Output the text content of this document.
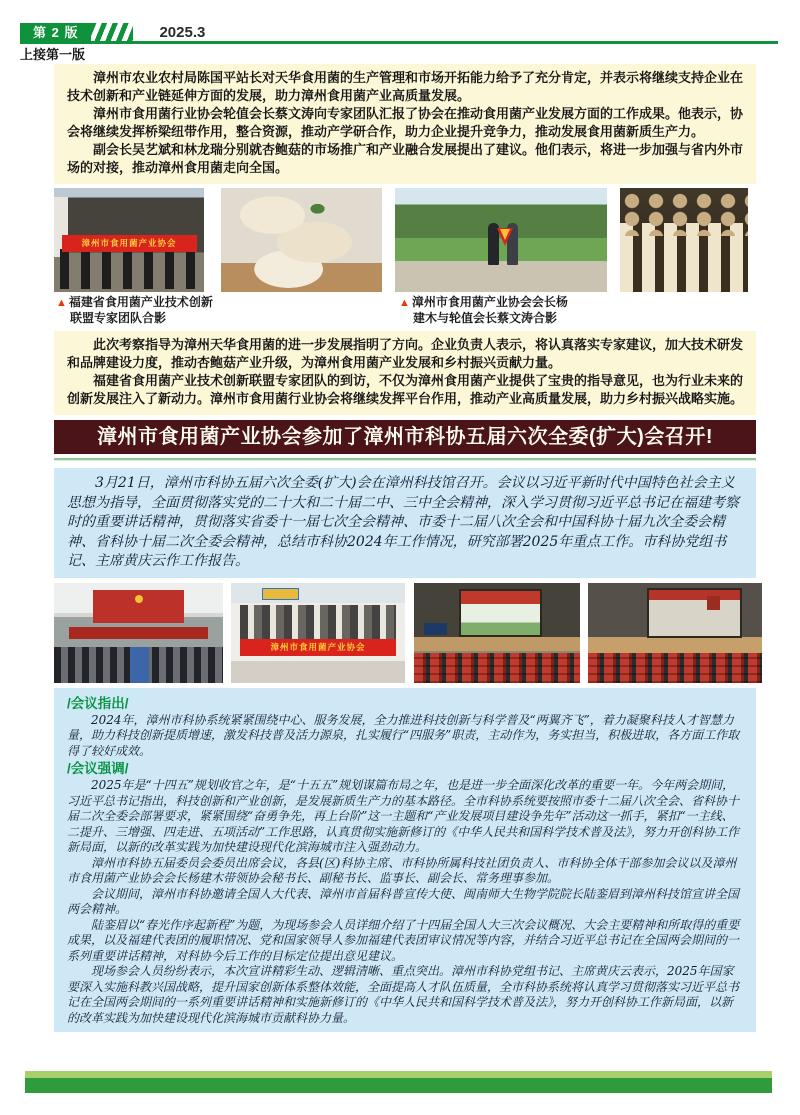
第 2 版	2025.3
上接第一版

漳州市农业农村局陈国平站长对天华食用菌的生产管理和市场开拓能力给予了充分肯定，并表示将继续支持企业在技术创新和产业链延伸方面的发展，助力漳州食用菌产业高质量发展。

漳州市食用菌行业协会轮值会长蔡文涛向专家团队汇报了协会在推动食用菌产业发展方面的工作成果。他表示，协会将继续发挥桥梁纽带作用，整合资源，推动产学研合作，助力企业提升竞争力，推动发展食用菌新质生产力。

副会长吴艺斌和林龙瑞分别就杏鲍菇的市场推广和产业融合发展提出了建议。他们表示，将进一步加强与省内外市场的对接，推动漳州食用菌走向全国。

漳州市食用菌产业协会
▲ 福建省食用菌产业技术创新
联盟专家团队合影
▲ 漳州市食用菌产业协会会长杨
建木与轮值会长蔡文涛合影

此次考察指导为漳州天华食用菌的进一步发展指明了方向。企业负责人表示，将认真落实专家建议，加大技术研发和品牌建设力度，推动杏鲍菇产业升级，为漳州食用菌产业发展和乡村振兴贡献力量。

福建省食用菌产业技术创新联盟专家团队的到访，不仅为漳州食用菌产业提供了宝贵的指导意见，也为行业未来的创新发展注入了新动力。漳州市食用菌行业协会将继续发挥平台作用，推动产业高质量发展，助力乡村振兴战略实施。

漳州市食用菌产业协会参加了漳州市科协五届六次全委(扩大)会召开!

3月21日，漳州市科协五届六次全委(扩大)会在漳州科技馆召开。会议以习近平新时代中国特色社会主义思想为指导，全面贯彻落实党的二十大和二十届二中、三中全会精神，深入学习贯彻习近平总书记在福建考察时的重要讲话精神，贯彻落实省委十一届七次全会精神、市委十二届八次全会和中国科协十届九次全委会精神、省科协十届二次全委会精神，总结市科协2024年工作情况，研究部署2025年重点工作。市科协党组书记、主席黄庆云作工作报告。

漳州市食用菌产业协会

/会议指出/

2024年，漳州市科协系统紧紧围绕中心、服务发展，全力推进科技创新与科学普及“两翼齐飞”，着力凝聚科技人才智慧力量，助力科技创新提质增速，激发科技普及活力源泉，扎实履行“四服务”职责，主动作为，务实担当，积极进取，各方面工作取得了较好成效。

/会议强调/

2025年是“十四五”规划收官之年，是“十五五”规划谋篇布局之年，也是进一步全面深化改革的重要一年。今年两会期间，习近平总书记指出，科技创新和产业创新，是发展新质生产力的基本路径。全市科协系统要按照市委十二届八次全会、省科协十届二次全委会部署要求，紧紧围绕“奋勇争先，再上台阶”这一主题和“产业发展项目建设争先年”活动这一抓手，紧扣“一主线、二提升、三增强、四走进、五项活动”工作思路，认真贯彻实施新修订的《中华人民共和国科学技术普及法》，努力开创科协工作新局面，以新的改革实践为加快建设现代化滨海城市注入强劲动力。

漳州市科协五届委员会委员出席会议，各县(区)科协主席、市科协所属科技社团负责人、市科协全体干部参加会议以及漳州市食用菌产业协会会长杨建木带领协会秘书长、副秘书长、监事长、副会长、常务理事参加。

会议期间，漳州市科协邀请全国人大代表、漳州市首届科普宣传大使、闽南师大生物学院院长陆銮眉到漳州科技馆宣讲全国两会精神。

陆銮眉以“春光作序起新程”为题，为现场参会人员详细介绍了十四届全国人大三次会议概况、大会主要精神和所取得的重要成果，以及福建代表团的履职情况、党和国家领导人参加福建代表团审议情况等内容，并结合习近平总书记在全国两会期间的一系列重要讲话精神，对科协今后工作的目标定位提出意见建议。

现场参会人员纷纷表示，本次宣讲精彩生动、逻辑清晰、重点突出。漳州市科协党组书记、主席黄庆云表示，2025年国家要深入实施科教兴国战略，提升国家创新体系整体效能，全面提高人才队伍质量，全市科协系统将认真学习贯彻落实习近平总书记在全国两会期间的一系列重要讲话精神和实施新修订的《中华人民共和国科学技术普及法》，努力开创科协工作新局面，以新的改革实践为加快建设现代化滨海城市贡献科协力量。
